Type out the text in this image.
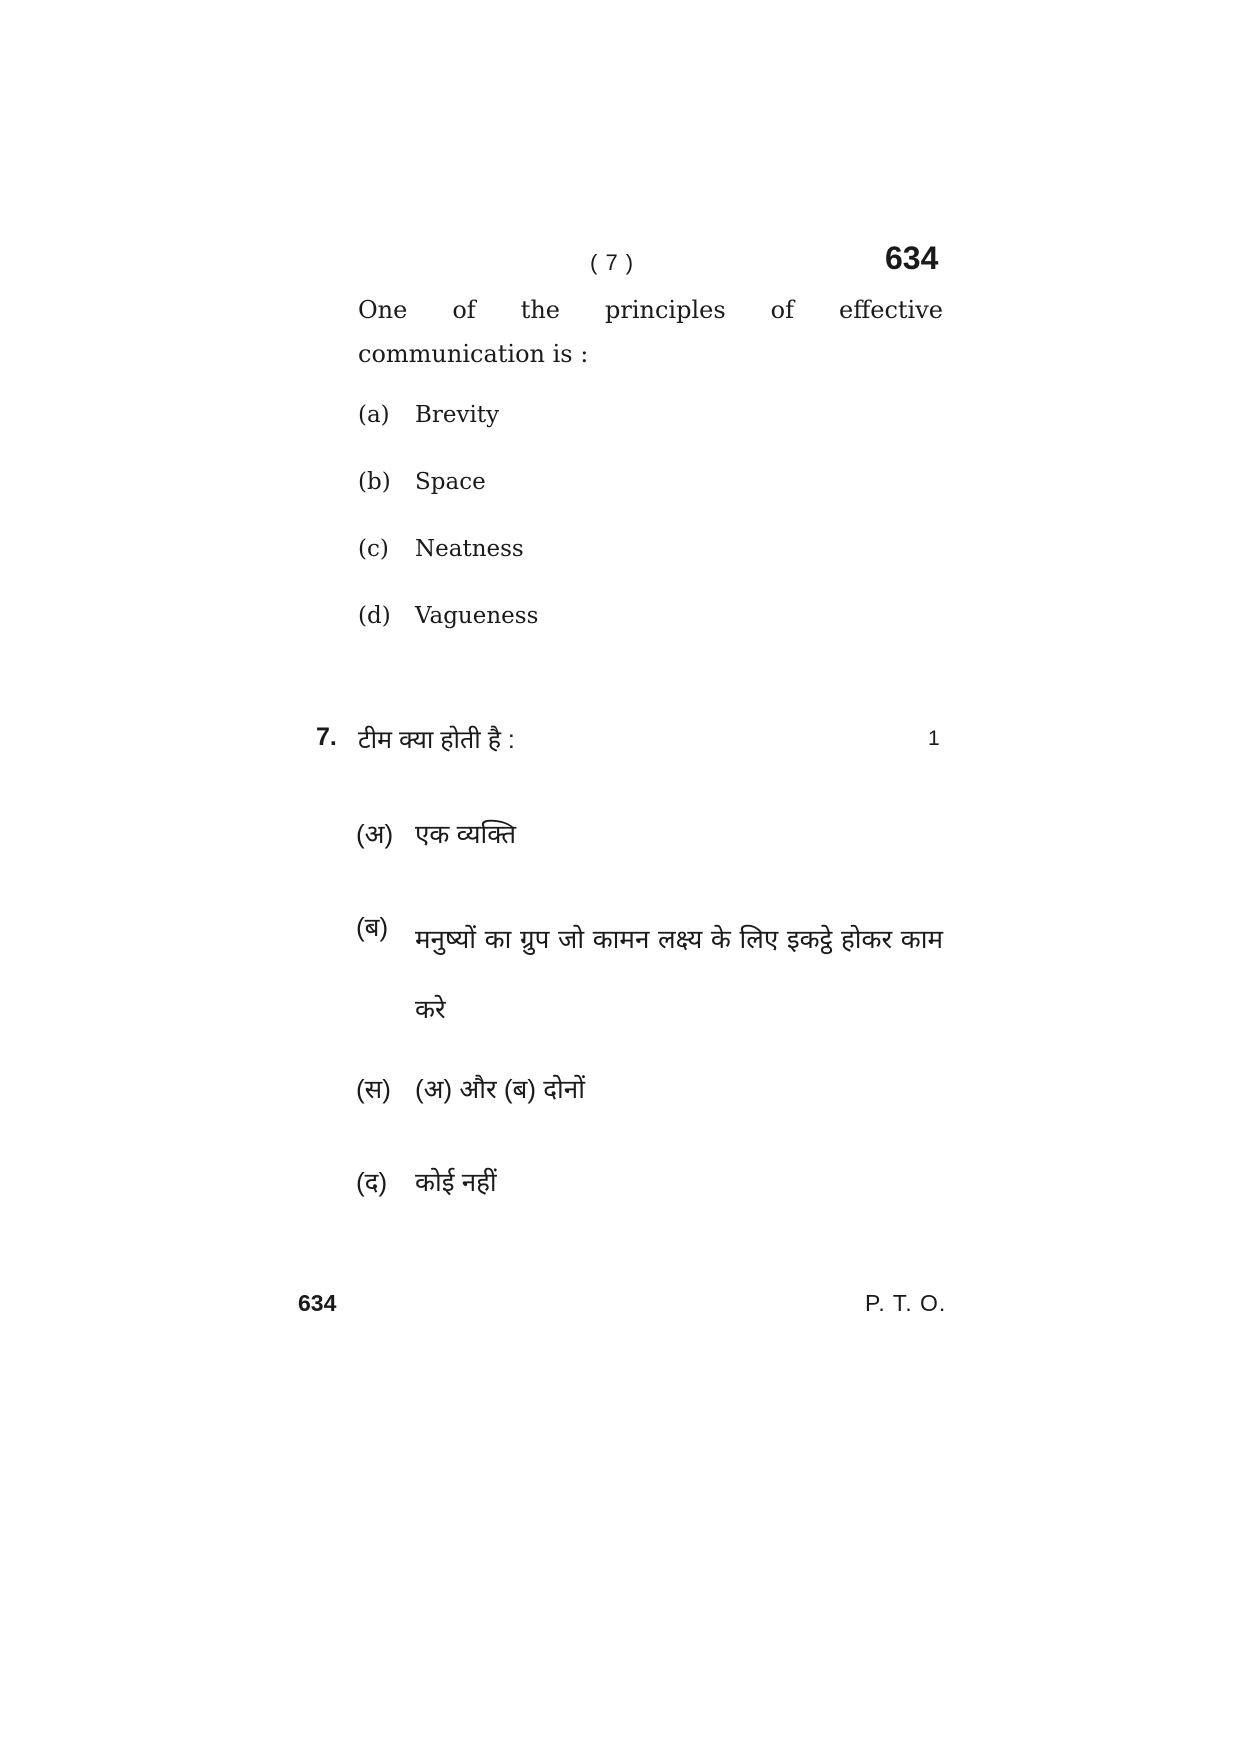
( 7 )	634
One of the principles of effective communication is :
(a) Brevity
(b) Space
(c) Neatness
(d) Vagueness
7. टीम क्या होती है :	1
(अ) एक व्यक्ति
(ब) मनुष्यों का ग्रुप जो कामन लक्ष्य के लिए इकट्ठे होकर काम करे
(स) (अ) और (ब) दोनों
(द) कोई नहीं
634	P. T. O.
